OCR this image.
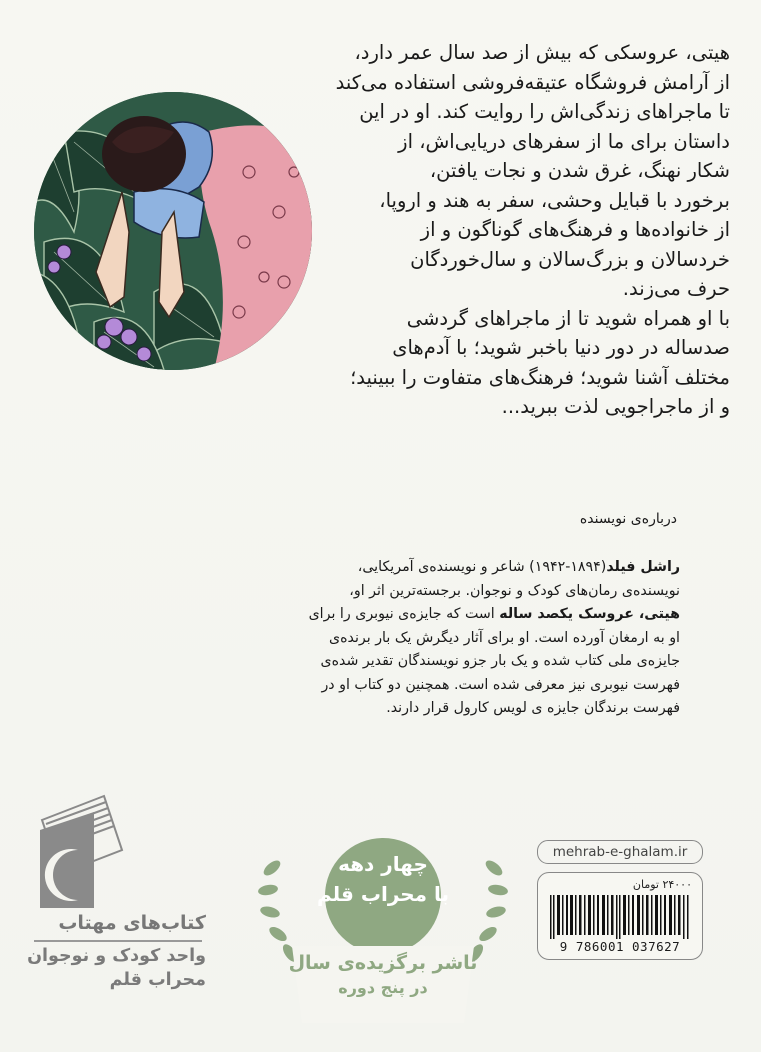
هیتی، عروسکی که بیش از صد سال عمر دارد،

از آرامش فروشگاه عتیقه‌فروشی استفاده می‌کند

تا ماجراهای زندگی‌اش را روایت کند. او در این

داستان برای ما از سفرهای دریایی‌اش، از

شکار نهنگ، غرق شدن و نجات یافتن،

برخورد با قبایل وحشی، سفر به هند و اروپا،

از خانواده‌ها و فرهنگ‌های گوناگون و از

خردسالان و بزرگ‌سالان و سال‌خوردگان

حرف می‌زند.

با او همراه شوید تا از ماجراهای گردشی

صدساله در دور دنیا باخبر شوید؛ با آدم‌های

مختلف آشنا شوید؛ فرهنگ‌های متفاوت را ببینید؛

و از ماجراجویی لذت ببرید...

درباره‌ی نویسنده

راشل فیلد(۱۸۹۴-۱۹۴۲) شاعر و نویسنده‌ی آمریکایی،

نویسنده‌ی رمان‌های کودک و نوجوان. برجسته‌ترین اثر او،

هیتی، عروسک یکصد ساله است که جایزه‌ی نیوبری را برای

او به ارمغان آورده است. او برای آثار دیگرش یک بار برنده‌ی

جایزه‌ی ملی کتاب شده و یک بار جزو نویسندگان تقدیر شده‌ی

فهرست نیوبری نیز معرفی شده است. همچنین دو کتاب او در

فهرست برندگان جایزه ی لویس کارول قرار دارند.

کتاب‌های مهتاب
واحد کودک و نوجوان
محراب قلم
چهار دهه
با محراب قلم
ناشر برگزیده‌ی سال
در پنج دوره
mehrab-e-ghalam.ir
۲۴۰۰۰ تومان
9 786001 037627
